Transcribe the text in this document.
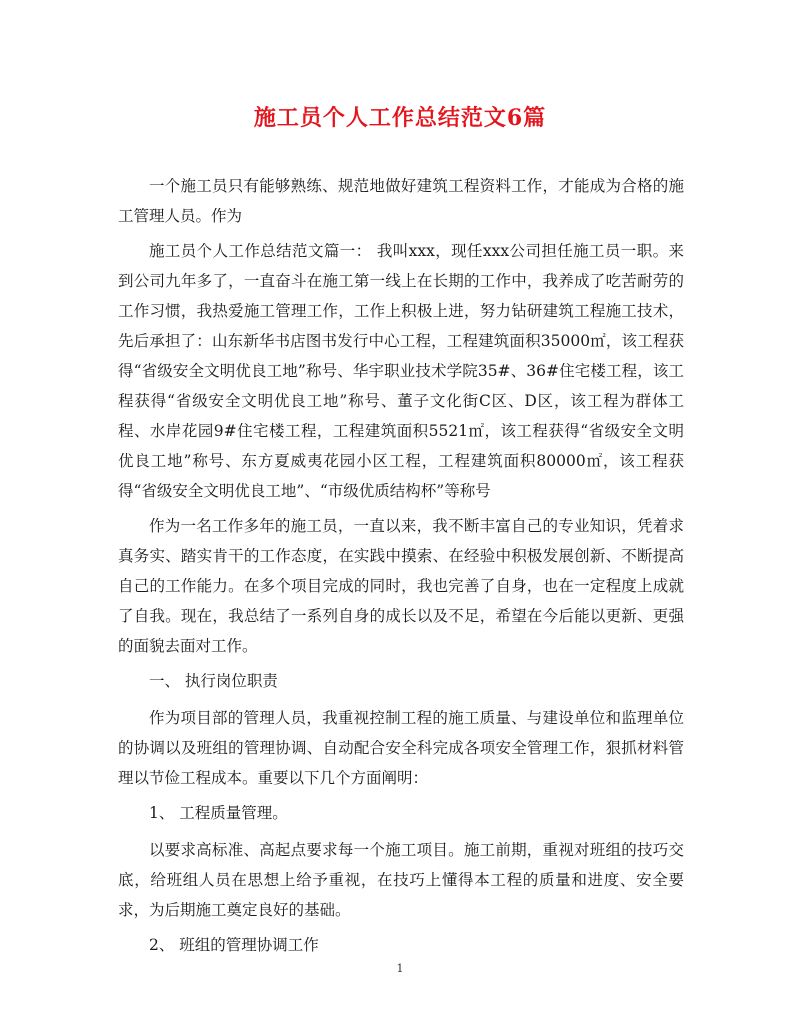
施工员个人工作总结范文6篇

一个施工员只有能够熟练、规范地做好建筑工程资料工作，才能成为合格的施工管理人员。作为

施工员个人工作总结范文篇一： 我叫xxx，现任xxx公司担任施工员一职。来到公司九年多了，一直奋斗在施工第一线上在长期的工作中，我养成了吃苦耐劳的工作习惯，我热爱施工管理工作，工作上积极上进，努力钻研建筑工程施工技术，先后承担了：山东新华书店图书发行中心工程，工程建筑面积35000㎡，该工程获得“省级安全文明优良工地”称号、华宇职业技术学院35#、36#住宅楼工程，该工程获得“省级安全文明优良工地”称号、董子文化街C区、D区，该工程为群体工程、水岸花园9#住宅楼工程，工程建筑面积5521㎡，该工程获得“省级安全文明优良工地”称号、东方夏威夷花园小区工程，工程建筑面积80000㎡，该工程获得“省级安全文明优良工地”、“市级优质结构杯”等称号

作为一名工作多年的施工员，一直以来，我不断丰富自己的专业知识，凭着求真务实、踏实肯干的工作态度，在实践中摸索、在经验中积极发展创新、不断提高自己的工作能力。在多个项目完成的同时，我也完善了自身，也在一定程度上成就了自我。现在，我总结了一系列自身的成长以及不足，希望在今后能以更新、更强的面貌去面对工作。

一、 执行岗位职责

作为项目部的管理人员，我重视控制工程的施工质量、与建设单位和监理单位的协调以及班组的管理协调、自动配合安全科完成各项安全管理工作，狠抓材料管理以节俭工程成本。重要以下几个方面阐明：

1、 工程质量管理。

以要求高标准、高起点要求每一个施工项目。施工前期，重视对班组的技巧交底，给班组人员在思想上给予重视，在技巧上懂得本工程的质量和进度、安全要求，为后期施工奠定良好的基础。

2、 班组的管理协调工作

1
